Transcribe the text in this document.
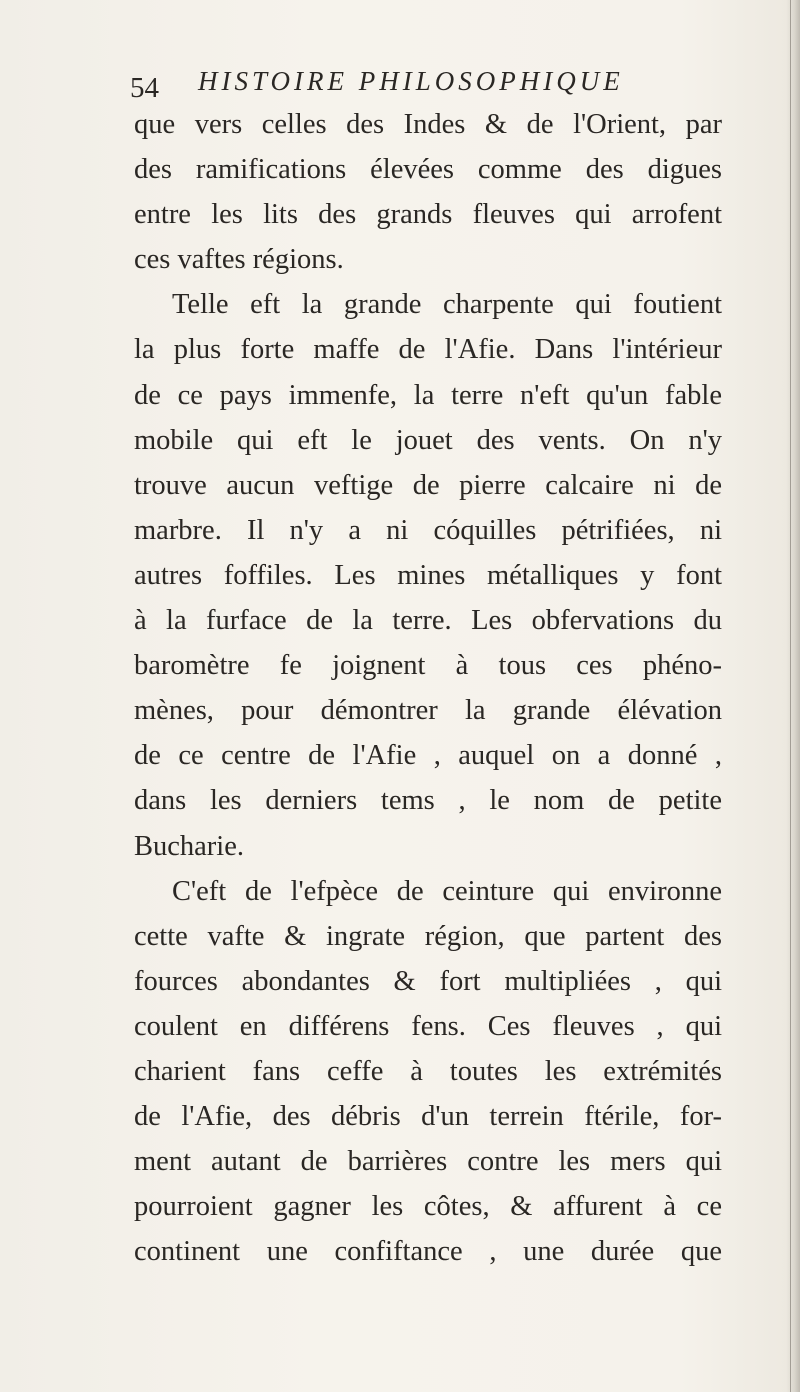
54 HISTOIRE PHILOSOPHIQUE
que vers celles des Indes & de l'Orient, par
des ramifications élevées comme des digues
entre les lits des grands fleuves qui arrofent
ces vaftes régions.
Telle eft la grande charpente qui foutient
la plus forte maffe de l'Afie. Dans l'intérieur
de ce pays immenfe, la terre n'eft qu'un fable
mobile qui eft le jouet des vents. On n'y
trouve aucun veftige de pierre calcaire ni de
marbre. Il n'y a ni cóquilles pétrifiées, ni
autres foffiles. Les mines métalliques y font
à la furface de la terre. Les obfervations du
baromètre fe joignent à tous ces phéno-
mènes, pour démontrer la grande élévation
de ce centre de l'Afie , auquel on a donné ,
dans les derniers tems , le nom de petite
Bucharie.
C'eft de l'efpèce de ceinture qui environne
cette vafte & ingrate région, que partent des
fources abondantes & fort multipliées , qui
coulent en différens fens. Ces fleuves , qui
charient fans ceffe à toutes les extrémités
de l'Afie, des débris d'un terrein ftérile, for-
ment autant de barrières contre les mers qui
pourroient gagner les côtes, & affurent à ce
continent une confiftance , une durée que
